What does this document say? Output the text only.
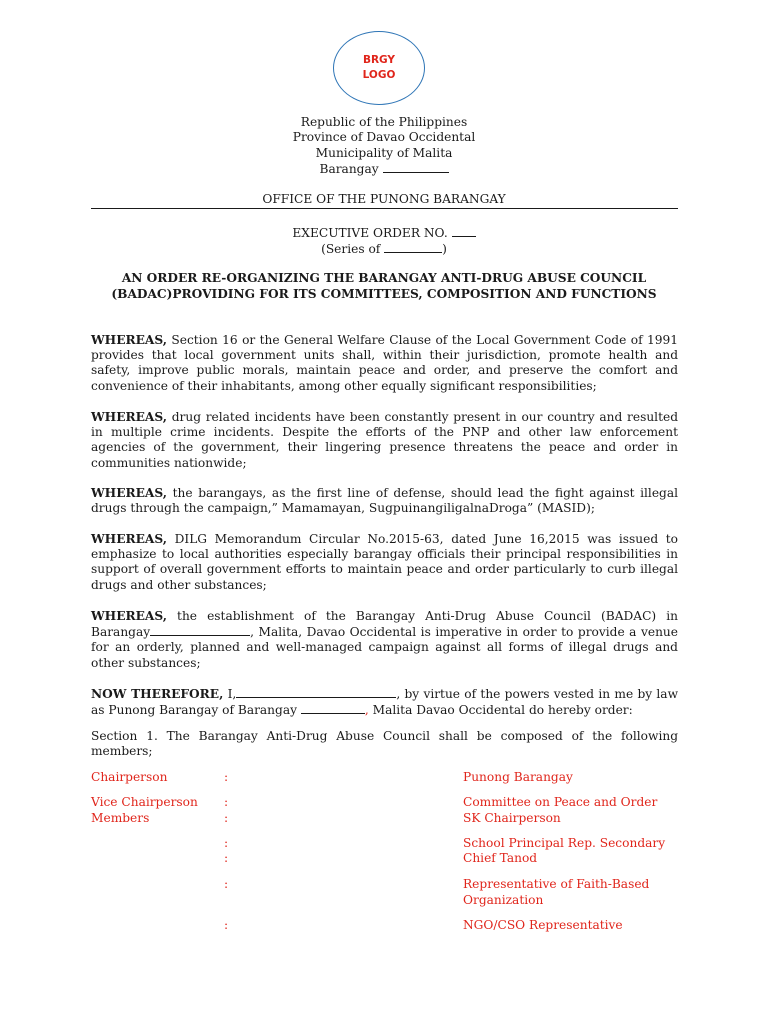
BRGY
LOGO
Republic of the Philippines
Province of Davao Occidental
Municipality of Malita
Barangay
OFFICE OF THE PUNONG BARANGAY
EXECUTIVE ORDER NO.
(Series of	)
AN ORDER RE-ORGANIZING THE BARANGAY ANTI-DRUG ABUSE COUNCIL
(BADAC)PROVIDING FOR ITS COMMITTEES, COMPOSITION AND FUNCTIONS
WHEREAS, Section 16 or the General Welfare Clause of the Local Government Code of 1991 provides that local government units shall, within their jurisdiction, promote health and safety, improve public morals, maintain peace and order, and preserve the comfort and convenience of their inhabitants, among other equally significant responsibilities;
WHEREAS, drug related incidents have been constantly present in our country and resulted in multiple crime incidents. Despite the efforts of the PNP and other law enforcement agencies of the government, their lingering presence threatens the peace and order in communities nationwide;
WHEREAS, the barangays, as the first line of defense, should lead the fight against illegal drugs through the campaign,” Mamamayan, SugpuinangiligalnaDroga” (MASID);
WHEREAS, DILG Memorandum Circular No.2015-63, dated June 16,2015 was issued to emphasize to local authorities especially barangay officials their principal responsibilities in support of overall government efforts to maintain peace and order particularly to curb illegal drugs and other substances;
WHEREAS, the establishment of the Barangay Anti-Drug Abuse Council (BADAC) in Barangay	, Malita, Davao Occidental is imperative in order to provide a venue for an orderly, planned and well-managed campaign against all forms of illegal drugs and other substances;
NOW THEREFORE, I,	, by virtue of the powers vested in me by law as Punong Barangay of Barangay	, Malita Davao Occidental do hereby order:
Section 1. The Barangay Anti-Drug Abuse Council shall be composed of the following members;
Chairperson	:	Punong Barangay
Vice Chairperson :	Committee on Peace and Order
Members	:	SK Chairperson
:	School Principal Rep. Secondary
:	Chief Tanod
:	Representative of Faith-Based
Organization
:	NGO/CSO Representative
